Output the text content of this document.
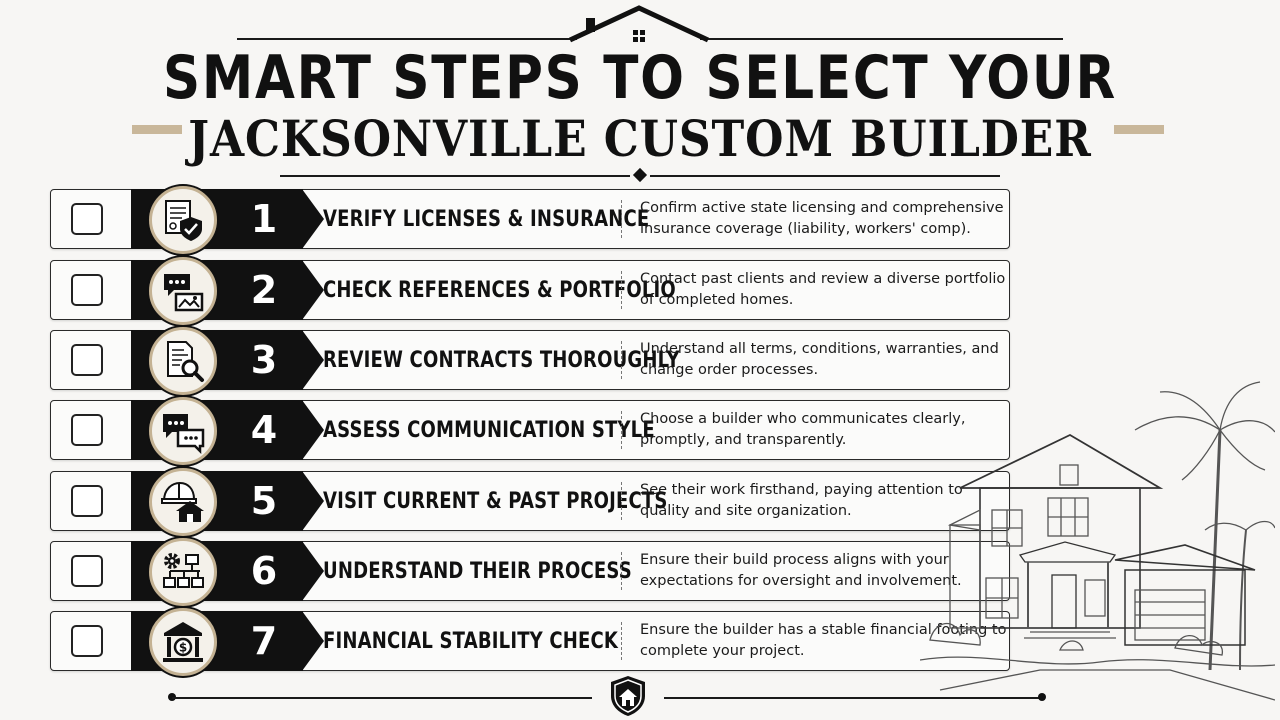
SMART STEPS TO SELECT YOUR
JACKSONVILLE CUSTOM BUILDER
1 VERIFY LICENSES & INSURANCE
Confirm active state licensing and comprehensive insurance coverage (liability, workers' comp).
2 CHECK REFERENCES & PORTFOLIO
Contact past clients and review a diverse portfolio of completed homes.
3 REVIEW CONTRACTS THOROUGHLY
Understand all terms, conditions, warranties, and change order processes.
4 ASSESS COMMUNICATION STYLE
Choose a builder who communicates clearly, promptly, and transparently.
5 VISIT CURRENT & PAST PROJECTS
See their work firsthand, paying attention to quality and site organization.
6 UNDERSTAND THEIR PROCESS Ensure their build process aligns with your expectations for oversight and involvement.
$ 7 FINANCIAL STABILITY CHECK Ensure the builder has a stable financial footing to complete your project.
